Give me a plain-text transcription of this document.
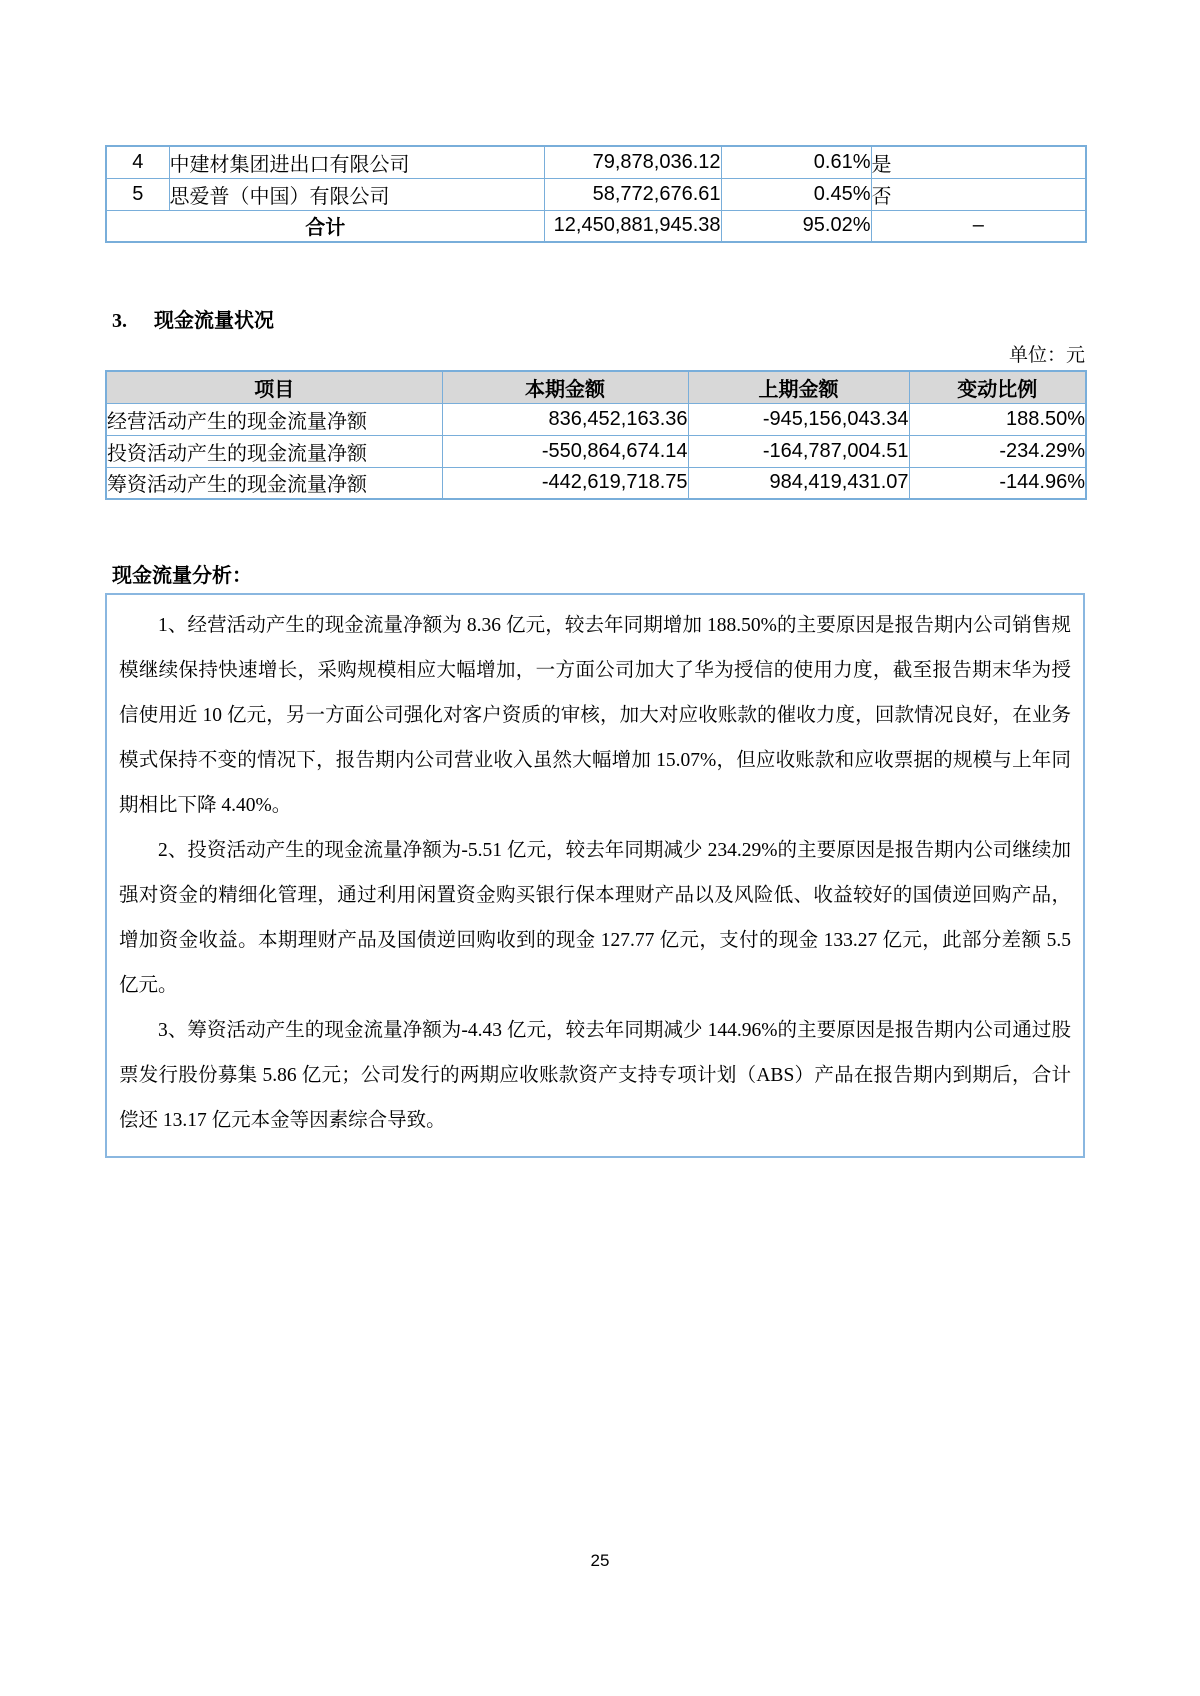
4	中建材集团进出口有限公司	79,878,036.12	0.61%	是
5	思爱普（中国）有限公司	58,772,676.61	0.45%	否
合计		12,450,881,945.38	95.02%	–
3. 现金流量状况
单位：元
项目	本期金额	上期金额	变动比例
经营活动产生的现金流量净额	836,452,163.36	-945,156,043.34	188.50%
投资活动产生的现金流量净额	-550,864,674.14	-164,787,004.51	-234.29%
筹资活动产生的现金流量净额	-442,619,718.75	984,419,431.07	-144.96%
现金流量分析：

1、经营活动产生的现金流量净额为 8.36 亿元，较去年同期增加 188.50%的主要原因是报告期内公司销售规模继续保持快速增长，采购规模相应大幅增加，一方面公司加大了华为授信的使用力度，截至报告期末华为授信使用近 10 亿元，另一方面公司强化对客户资质的审核，加大对应收账款的催收力度，回款情况良好，在业务模式保持不变的情况下，报告期内公司营业收入虽然大幅增加 15.07%，但应收账款和应收票据的规模与上年同期相比下降 4.40%。

2、投资活动产生的现金流量净额为-5.51 亿元，较去年同期减少 234.29%的主要原因是报告期内公司继续加强对资金的精细化管理，通过利用闲置资金购买银行保本理财产品以及风险低、收益较好的国债逆回购产品，增加资金收益。本期理财产品及国债逆回购收到的现金 127.77 亿元，支付的现金 133.27 亿元，此部分差额 5.5 亿元。

3、筹资活动产生的现金流量净额为-4.43 亿元，较去年同期减少 144.96%的主要原因是报告期内公司通过股票发行股份募集 5.86 亿元；公司发行的两期应收账款资产支持专项计划（ABS）产品在报告期内到期后，合计偿还 13.17 亿元本金等因素综合导致。

25
